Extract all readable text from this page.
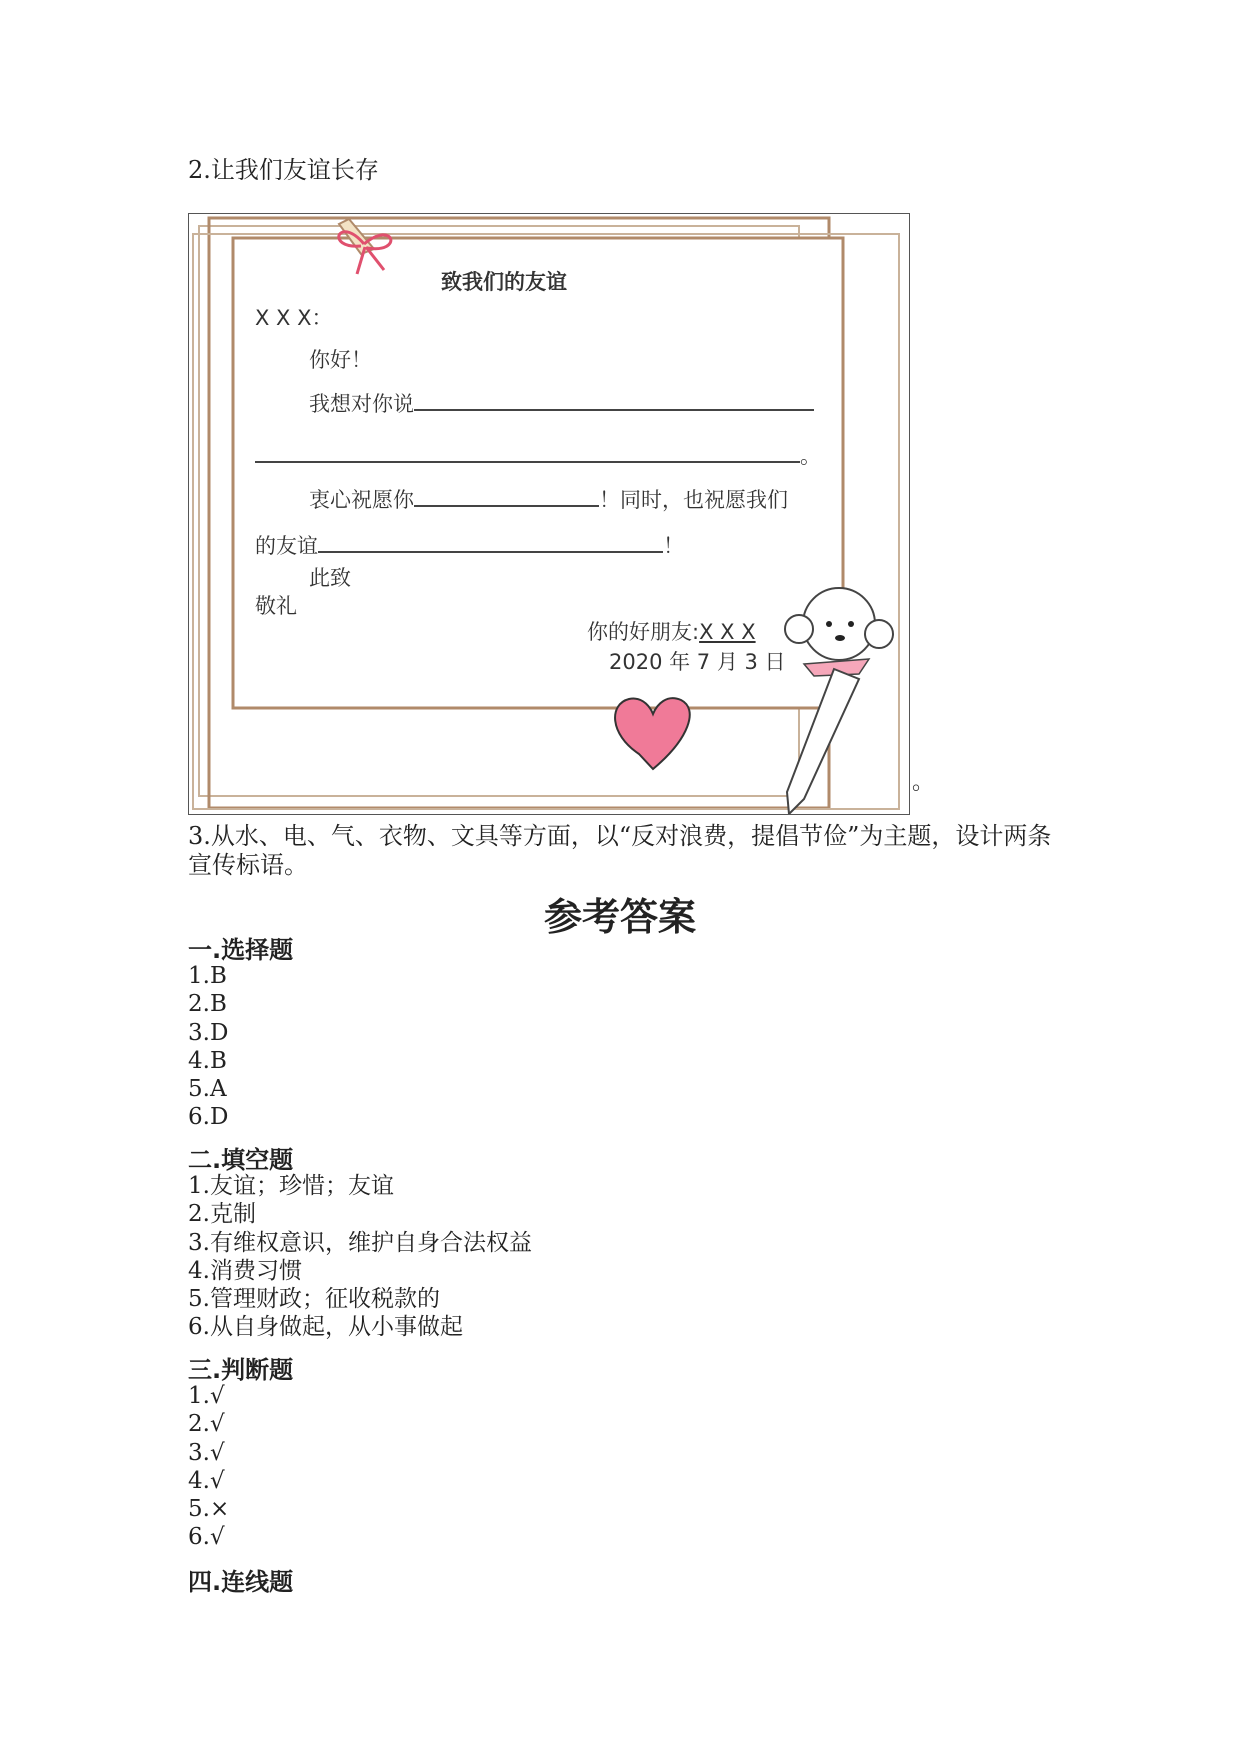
2.让我们友谊长存
致我们的友谊
X X X：
你好！
我想对你说
。
衷心祝愿你	！同时，也祝愿我们
的友谊	！
此致
敬礼
你的好朋友:X X X
2020 年 7 月 3 日
。
3.从水、电、气、衣物、文具等方面，以“反对浪费，提倡节俭”为主题，设计两条宣传标语。
参考答案
一.选择题
1.B
2.B
3.D
4.B
5.A
6.D
二.填空题
1.友谊；珍惜；友谊
2.克制
3.有维权意识，维护自身合法权益
4.消费习惯
5.管理财政；征收税款的
6.从自身做起，从小事做起
三.判断题
1.√
2.√
3.√
4.√
5.×
6.√
四.连线题
